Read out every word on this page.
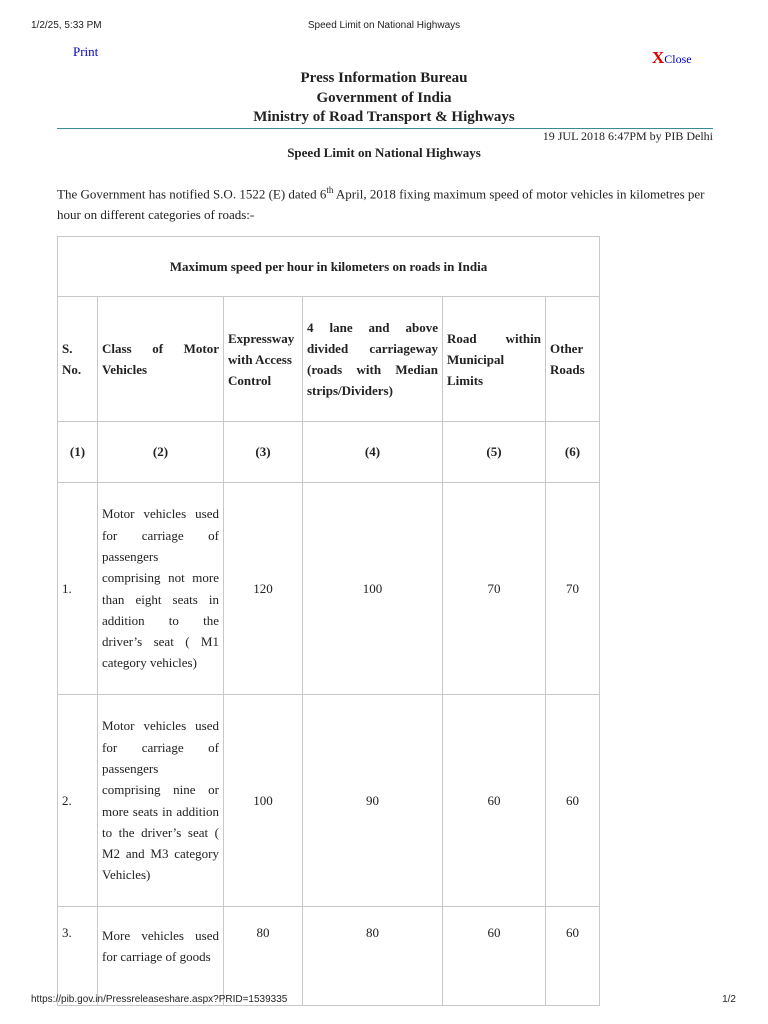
1/2/25, 5:33 PM	Speed Limit on National Highways
Print	XClose
Press Information Bureau
Government of India
Ministry of Road Transport & Highways
19 JUL 2018 6:47PM by PIB Delhi
Speed Limit on National Highways
The Government has notified S.O. 1522 (E) dated 6th April, 2018 fixing maximum speed of motor vehicles in kilometres per hour on different categories of roads:-
Maximum speed per hour in kilometers on roads in India					
S. No.	Class of Motor Vehicles	Expressway with Access Control	4 lane and above divided carriageway (roads with Median strips/Dividers)	Road within Municipal Limits	Other Roads
(1)	(2)	(3)	(4)	(5)	(6)
1.	Motor vehicles used for carriage of passengers comprising not more than eight seats in addition to the driver’s seat ( M1 category vehicles)	120	100	70	70
2.	Motor vehicles used for carriage of passengers comprising nine or more seats in addition to the driver’s seat ( M2 and M3 category Vehicles)	100	90	60	60
3.	More vehicles used for carriage of goods	80	80	60	60
https://pib.gov.in/Pressreleaseshare.aspx?PRID=1539335	1/2
